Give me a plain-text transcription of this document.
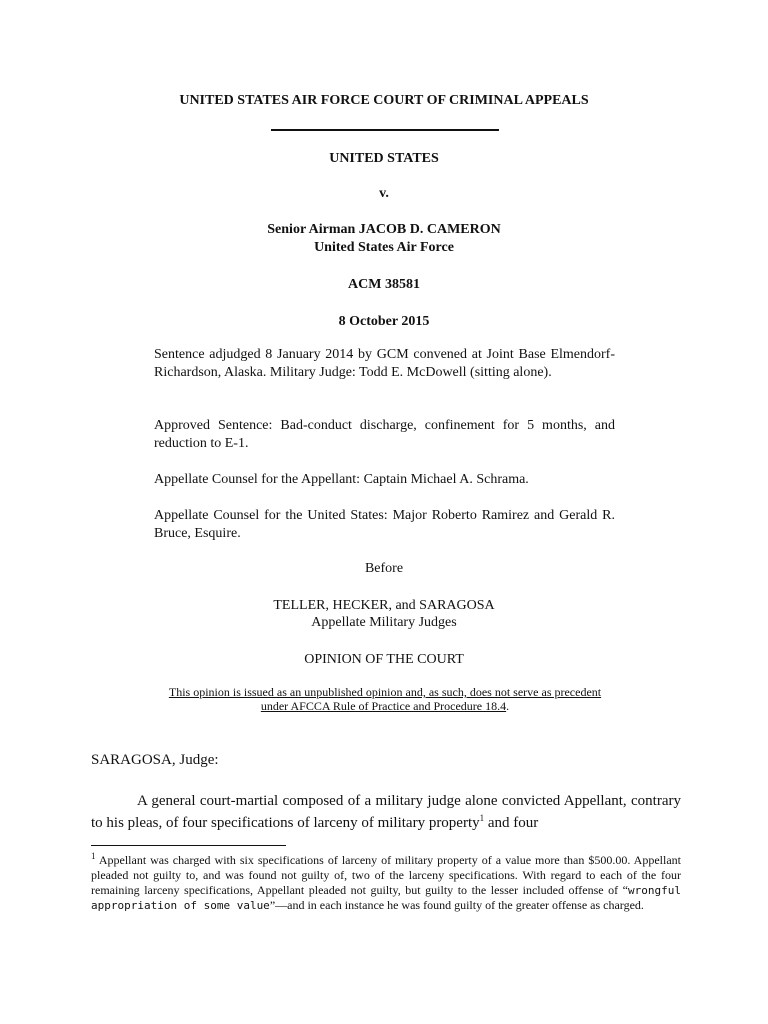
UNITED STATES AIR FORCE COURT OF CRIMINAL APPEALS
UNITED STATES
v.
Senior Airman JACOB D. CAMERON
United States Air Force
ACM 38581
8 October 2015
Sentence adjudged 8 January 2014 by GCM convened at Joint Base Elmendorf-Richardson, Alaska. Military Judge: Todd E. McDowell (sitting alone).
Approved Sentence: Bad-conduct discharge, confinement for 5 months, and reduction to E-1.
Appellate Counsel for the Appellant: Captain Michael A. Schrama.
Appellate Counsel for the United States: Major Roberto Ramirez and Gerald R. Bruce, Esquire.
Before
TELLER, HECKER, and SARAGOSA
Appellate Military Judges
OPINION OF THE COURT
This opinion is issued as an unpublished opinion and, as such, does not serve as precedent
under AFCCA Rule of Practice and Procedure 18.4.
SARAGOSA, Judge:
A general court-martial composed of a military judge alone convicted Appellant, contrary to his pleas, of four specifications of larceny of military property$^1$ and four
$^1$ Appellant was charged with six specifications of larceny of military property of a value more than $500.00. Appellant pleaded not guilty to, and was found not guilty of, two of the larceny specifications. With regard to each of the four remaining larceny specifications, Appellant pleaded not guilty, but guilty to the lesser included offense of “wrongful appropriation of some value”—and in each instance he was found guilty of the greater offense as charged.
